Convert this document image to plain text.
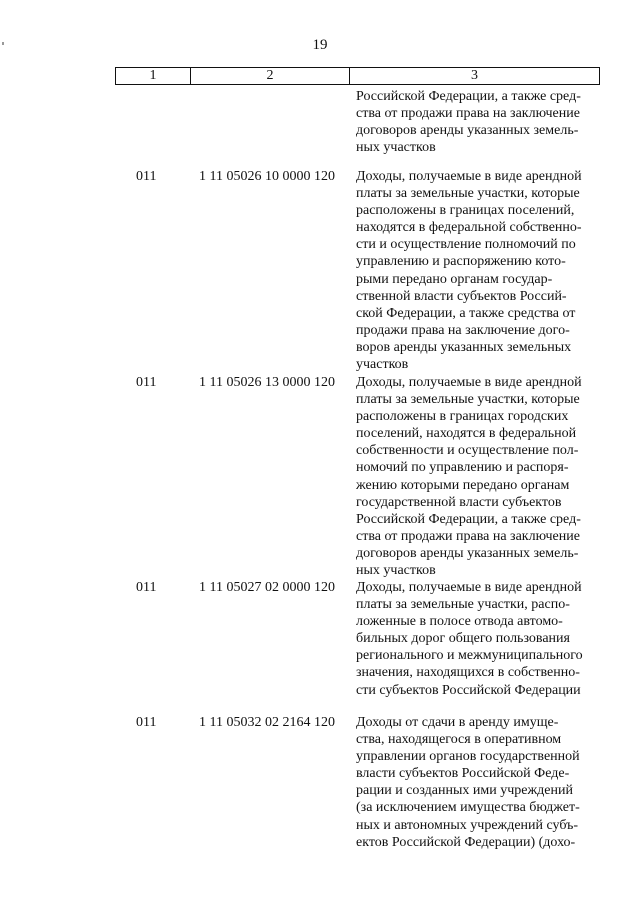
19
1	2	3
Российской Федерации, а также сред-
ства от продажи права на заключение
договоров аренды указанных земель-
ных участков
011	1 11 05026 10 0000 120 Доходы, получаемые в виде арендной
платы за земельные участки, которые
расположены в границах поселений,
находятся в федеральной собственно-
сти и осуществление полномочий по
управлению и распоряжению кото-
рыми передано органам государ-
ственной власти субъектов Россий-
ской Федерации, а также средства от
продажи права на заключение дого-
воров аренды указанных земельных
участков
011	1 11 05026 13 0000 120 Доходы, получаемые в виде арендной
платы за земельные участки, которые
расположены в границах городских
поселений, находятся в федеральной
собственности и осуществление пол-
номочий по управлению и распоря-
жению которыми передано органам
государственной власти субъектов
Российской Федерации, а также сред-
ства от продажи права на заключение
договоров аренды указанных земель-
ных участков
011	1 11 05027 02 0000 120 Доходы, получаемые в виде арендной
платы за земельные участки, распо-
ложенные в полосе отвода автомо-
бильных дорог общего пользования
регионального и межмуниципального
значения, находящихся в собственно-
сти субъектов Российской Федерации
011	1 11 05032 02 2164 120 Доходы от сдачи в аренду имуще-
ства, находящегося в оперативном
управлении органов государственной
власти субъектов Российской Феде-
рации и созданных ими учреждений
(за исключением имущества бюджет-
ных и автономных учреждений субъ-
ектов Российской Федерации) (дохо-
